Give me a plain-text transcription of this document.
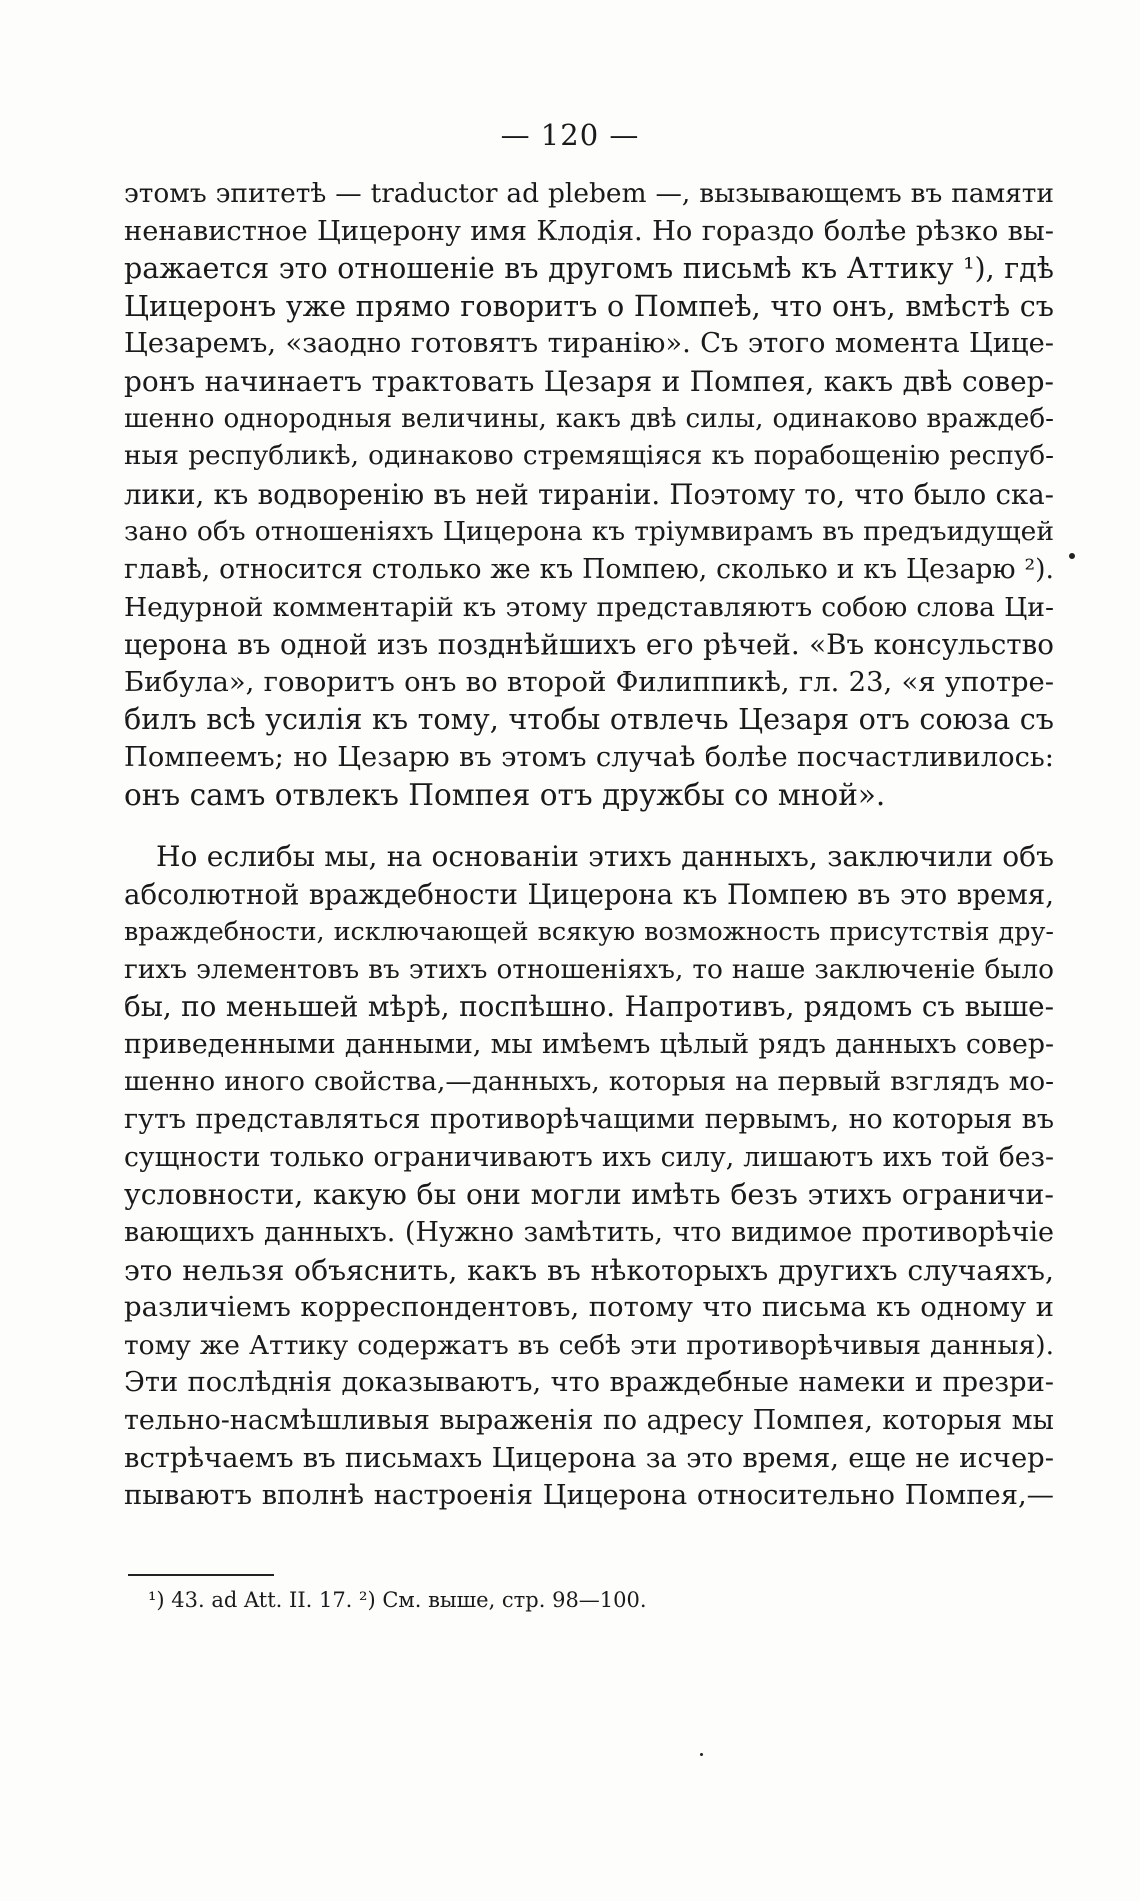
— 120 —
этомъ эпитетѣ — traductor ad plebem —, вызывающемъ въ памяти
ненавистное Цицерону имя Клодія. Но гораздо болѣе рѣзко вы-
ражается это отношеніе въ другомъ письмѣ къ Аттику ¹), гдѣ
Цицеронъ уже прямо говоритъ о Помпеѣ, что онъ, вмѣстѣ съ
Цезаремъ, «заодно готовятъ тиранію». Съ этого момента Цице-
ронъ начинаетъ трактовать Цезаря и Помпея, какъ двѣ совер-
шенно однородныя величины, какъ двѣ силы, одинаково враждеб-
ныя республикѣ, одинаково стремящіяся къ порабощенію респуб-
лики, къ водворенію въ ней тираніи. Поэтому то, что было ска-
зано объ отношеніяхъ Цицерона къ тріумвирамъ въ предъидущей
главѣ, относится столько же къ Помпею, сколько и къ Цезарю ²).
Недурной комментарій къ этому представляютъ собою слова Ци-
церона въ одной изъ позднѣйшихъ его рѣчей. «Въ консульство
Бибула», говоритъ онъ во второй Филиппикѣ, гл. 23, «я употре-
билъ всѣ усилія къ тому, чтобы отвлечь Цезаря отъ союза съ
Помпеемъ; но Цезарю въ этомъ случаѣ болѣе посчастливилось:
онъ самъ отвлекъ Помпея отъ дружбы со мной».
Но еслибы мы, на основаніи этихъ данныхъ, заключили объ
абсолютной враждебности Цицерона къ Помпею въ это время,
враждебности, исключающей всякую возможность присутствія дру-
гихъ элементовъ въ этихъ отношеніяхъ, то наше заключеніе было
бы, по меньшей мѣрѣ, поспѣшно. Напротивъ, рядомъ съ выше-
приведенными данными, мы имѣемъ цѣлый рядъ данныхъ совер-
шенно иного свойства,—данныхъ, которыя на первый взглядъ мо-
гутъ представляться противорѣчащими первымъ, но которыя въ
сущности только ограничиваютъ ихъ силу, лишаютъ ихъ той без-
условности, какую бы они могли имѣть безъ этихъ ограничи-
вающихъ данныхъ. (Нужно замѣтить, что видимое противорѣчіе
это нельзя объяснить, какъ въ нѣкоторыхъ другихъ случаяхъ,
различіемъ корреспондентовъ, потому что письма къ одному и
тому же Аттику содержатъ въ себѣ эти противорѣчивыя данныя).
Эти послѣднія доказываютъ, что враждебные намеки и презри-
тельно-насмѣшливыя выраженія по адресу Помпея, которыя мы
встрѣчаемъ въ письмахъ Цицерона за это время, еще не исчер-
пываютъ вполнѣ настроенія Цицерона относительно Помпея,—
¹) 43. ad Att. II. 17. ²) См. выше, стр. 98—100.
